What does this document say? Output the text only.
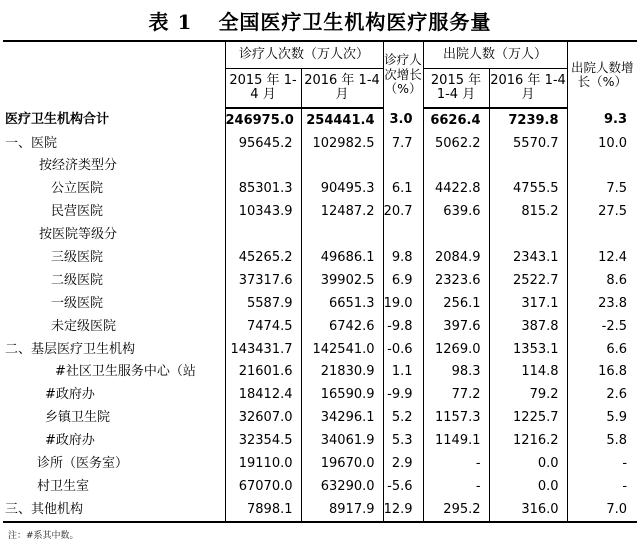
表 1 全国医疗卫生机构医疗服务量
	诊疗人次数（万人次）		诊疗人次增长（%）	出院人数（万人）		出院人数增长（%）
	2015 年 1-4 月	2016 年 1-4 月		2015 年 1-4 月	2016 年 1-4 月	
医疗卫生机构合计	246975.0	254441.4	3.0	6626.4	7239.8	9.3
一、医院	95645.2	102982.5	7.7	5062.2	5570.7	10.0
按经济类型分						
公立医院	85301.3	90495.3	6.1	4422.8	4755.5	7.5
民营医院	10343.9	12487.2	20.7	639.6	815.2	27.5
按医院等级分						
三级医院	45265.2	49686.1	9.8	2084.9	2343.1	12.4
二级医院	37317.6	39902.5	6.9	2323.6	2522.7	8.6
一级医院	5587.9	6651.3	19.0	256.1	317.1	23.8
未定级医院	7474.5	6742.6	-9.8	397.6	387.8	-2.5
二、基层医疗卫生机构	143431.7	142541.0	-0.6	1269.0	1353.1	6.6
#社区卫生服务中心（站	21601.6	21830.9	1.1	98.3	114.8	16.8
#政府办	18412.4	16590.9	-9.9	77.2	79.2	2.6
乡镇卫生院	32607.0	34296.1	5.2	1157.3	1225.7	5.9
#政府办	32354.5	34061.9	5.3	1149.1	1216.2	5.8
诊所（医务室）	19110.0	19670.0	2.9	-	0.0	-
村卫生室	67070.0	63290.0	-5.6	-	0.0	-
三、其他机构	7898.1	8917.9	12.9	295.2	316.0	7.0
注：#系其中数。
